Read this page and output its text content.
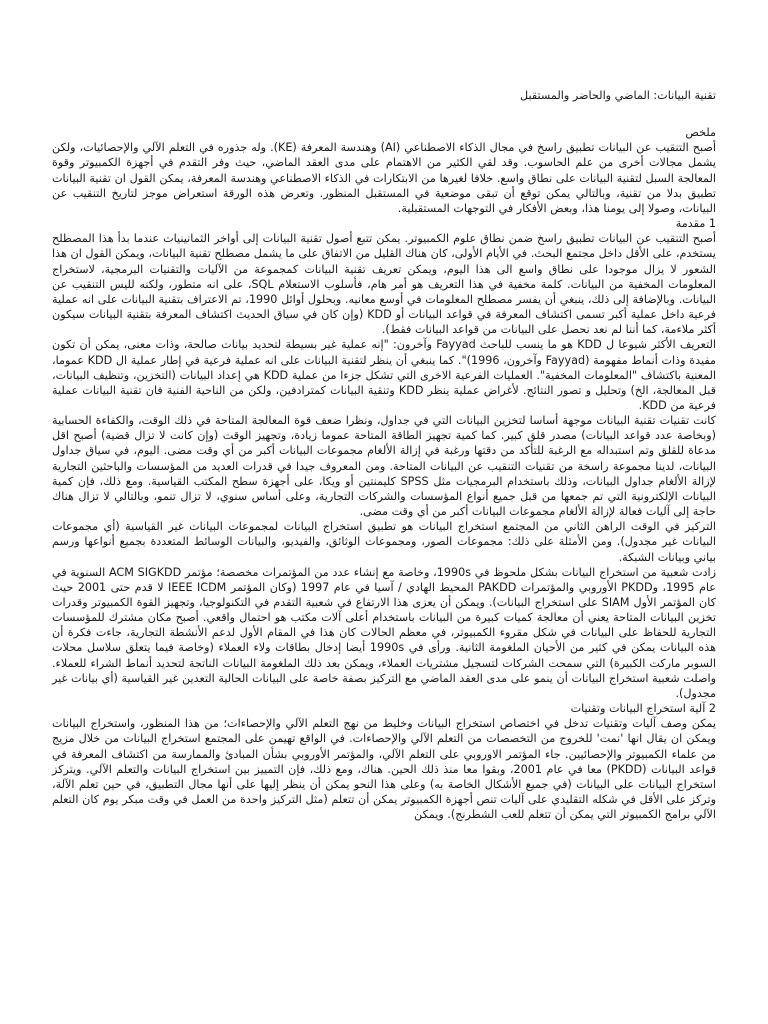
تقنية البيانات: الماضي والحاضر والمستقبل
ملخص

أصبح التنقيب عن البيانات تطبيق راسخ في مجال الذكاء الاصطناعي (AI) وهندسة المعرفة (KE). وله جذوره في التعلم الآلي والإحصائيات، ولكن يشمل مجالات أخرى من علم الحاسوب. وقد لقي الكثير من الاهتمام على مدى العقد الماضي، حيث وفر التقدم في أجهزة الكمبيوتر وقوة المعالجة السبل لتقنية البيانات على نطاق واسع. خلافا لغيرها من الابتكارات في الذكاء الاصطناعي وهندسة المعرفة، يمكن القول ان تقنية البيانات تطبيق بدلا من تقنية، وبالتالي يمكن توقع أن تبقى موضعية في المستقبل المنظور. وتعرض هذه الورقة استعراض موجز لتاريخ التنقيب عن البيانات، وصولا إلى يومنا هذا، وبعض الأفكار في التوجهات المستقبلية.

1 مقدمة

أصبح التنقيب عن البيانات تطبيق راسخ ضمن نطاق علوم الكمبيوتر. يمكن تتبع أصول تقنية البيانات إلى أواخر الثمانينيات عندما بدأ هذا المصطلح يستخدم، على الأقل داخل مجتمع البحث. في الأيام الأولى، كان هناك القليل من الاتفاق على ما يشمل مصطلح تقنية البيانات، ويمكن القول ان هذا الشعور لا يزال موجودا على نطاق واسع الى هذا اليوم، ويمكن تعريف تقنية البيانات كمجموعة من الآليات والتقنيات البرمجية، لاستخراج المعلومات المخفية من البيانات. كلمة مخفية في هذا التعريف هو أمر هام، فأسلوب الاستعلام SQL، على انه متطور، ولكنه لليس التنقيب عن البيانات. وبالإضافة إلى ذلك، ينبغي أن يفسر مصطلح المعلومات في أوسع معانيه. وبحلول أوائل 1990، تم الاعتراف بتقنية البيانات على انه عملية فرعية داخل عملية أكبر تسمى اكتشاف المعرفة في قواعد البيانات أو KDD (وإن كان في سياق الحديث اكتشاف المعرفة بتقنية البيانات سيكون أكثر ملاءمة، كما أننا لم نعد نحصل على البيانات من قواعد البيانات فقط).

التعريف الأكثر شيوعا ل KDD هو ما ينسب للباحث Fayyad وآخرون: "إنه عملية غير بسيطة لتحديد بيانات صالحة، وذات معنى، يمكن أن تكون مفيدة وذات أنماط مفهومة (Fayyad وآخرون، 1996)". كما ينبغي أن ينظر لتقنية البيانات على انه عملية فرعية في إطار عملية ال KDD عموما، المعنية باكتشاف "المعلومات المخفية". العمليات الفرعية الاخرى التي تشكل جزءا من عملية KDD هي إعداد البيانات (التخزين، وتنظيف البيانات، قبل المعالجة، الخ) وتحليل و تصور النتائج. لأغراض عملية ينظر KDD وتنقية البيانات كمترادفين، ولكن من الناحية الفنية فان تقنية البيانات عملية فرعية من KDD.

كانت تقنيات تقنية البيانات موجهة أساسا لتخزين البيانات التي في جداول، ونظرا ضعف قوة المعالجة المتاحة في ذلك الوقت، والكفاءة الحسابية (وبخاصة عدد قواعد البيانات) مصدر قلق كبير. كما كمية تجهيز الطاقة المتاحة عموما زيادة، وتجهيز الوقت (وإن كانت لا تزال قضية) أصبح اقل مدعاة للقلق وتم استبداله مع الرغبة للتأكد من دقتها ورغبة في إزالة الألغام مجموعات البيانات أكبر من أي وقت مضى. اليوم، في سياق جداول البيانات، لدينا مجموعة راسخة من تقنيات التنقيب عن البيانات المتاحة. ومن المعروف جيدا في قدرات العديد من المؤسسات والباحثين التجارية لإزالة الألغام جداول البيانات، وذلك باستخدام البرمجيات مثل SPSS كليمنتين أو ويكا، على أجهزة سطح المكتب القياسية. ومع ذلك، فإن كمية البيانات الإلكترونية التي تم جمعها من قبل جميع أنواع المؤسسات والشركات التجارية، وعلى أساس سنوي، لا تزال تنمو، وبالتالي لا تزال هناك حاجة إلى آليات فعالة لإزالة الألغام مجموعات البيانات أكبر من أي وقت مضى.

التركيز في الوقت الراهن الثاني من المجتمع استخراج البيانات هو تطبيق استخراج البيانات لمجموعات البيانات غير القياسية (أي مجموعات البيانات غير مجدول). ومن الأمثلة على ذلك: مجموعات الصور، ومجموعات الوثائق، والفيديو، والبيانات الوسائط المتعددة بجميع أنواعها ورسم بياني وبيانات الشبكة.

زادت شعبية من استخراج البيانات بشكل ملحوظ في 1990s، وخاصة مع إنشاء عدد من المؤتمرات مخصصة؛ مؤتمر ACM SIGKDD السنوية في عام 1995، وPKDD الأوروبي والمؤتمرات PAKDD المحيط الهادي / آسيا في عام 1997 (وكان المؤتمر IEEE ICDM لا قدم حتى 2001 حيث كان المؤتمر الأول SIAM على استخراج البيانات). ويمكن أن يعزى هذا الارتفاع في شعبية التقدم في التكنولوجيا، وتجهيز القوة الكمبيوتر وقدرات تخزين البيانات المتاحة يعني أن معالجة كميات كبيرة من البيانات باستخدام أعلى آلات مكتب هو احتمال واقعي. أصبح مكان مشترك للمؤسسات التجارية للحفاظ على البيانات في شكل مقروء الكمبيوتر، في معظم الحالات كان هذا في المقام الأول لدعم الأنشطة التجارية، جاءت فكرة أن هذه البيانات يمكن في كثير من الأحيان الملغومة الثانية. ورأى في 1990s أيضا إدخال بطاقات ولاء العملاء (وخاصة فيما يتعلق سلاسل محلات السوبر ماركت الكبيرة) التي سمحت الشركات لتسجيل مشتريات العملاء، ويمكن بعد ذلك الملغومة البيانات الناتجة لتحديد أنماط الشراء للعملاء. واصلت شعبية استخراج البيانات أن ينمو على مدى العقد الماضي مع التركيز بصفة خاصة على البيانات الحالية التعدين غير القياسية (أي بيانات غير مجدول).

2 آلية استخراج البيانات وتقنيات

يمكن وصف آليات وتقنيات تدخل في اختصاص استخراج البيانات وخليط من نهج التعلم الآلي والإحصاءات؛ من هذا المنظور، واستخراج البيانات ويمكن ان يقال انها 'نمت' للخروج من التخصصات من التعلم الآلي والإحصاءات. في الواقع تهيمن على المجتمع استخراج البيانات من خلال مزيج من علماء الكمبيوتر والإحصائيين. جاء المؤتمر الاوروبي على التعلم الآلي، والمؤتمر الأوروبي بشأن المبادئ والممارسة من اكتشاف المعرفة في قواعد البيانات (PKDD) معا في عام 2001، وبقوا معا منذ ذلك الحين. هناك، ومع ذلك، فإن التمييز بين استخراج البيانات والتعلم الآلي. ويتركز استخراج البيانات على البيانات (في جميع الأشكال الخاصة به) وعلى هذا النحو يمكن أن ينظر إليها على أنها مجال التطبيق، في حين تعلم الآلة، وتركز على الأقل في شكله التقليدي على آليات تنص أجهزة الكمبيوتر يمكن أن تتعلم (مثل التركيز واحدة من العمل في وقت مبكر يوم كان التعلم الآلي برامج الكمبيوتر التي يمكن أن تتعلم للعب الشطرنج). ويمكن
